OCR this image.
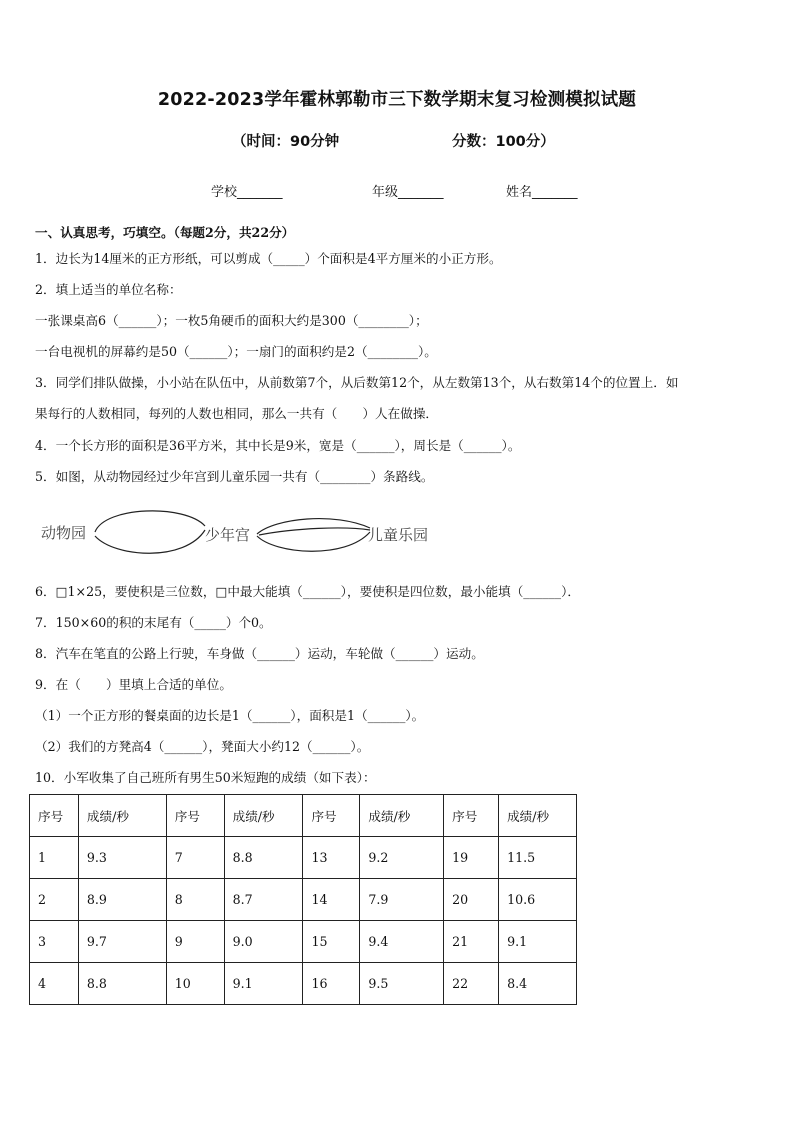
2022-2023学年霍林郭勒市三下数学期末复习检测模拟试题
（时间：90分钟	分数：100分）
学校_______	年级_______	姓名_______
一、认真思考，巧填空。（每题2分，共22分）
1．边长为14厘米的正方形纸，可以剪成（_____）个面积是4平方厘米的小正方形。
2．填上适当的单位名称：
一张课桌高6（______）；一枚5角硬币的面积大约是300（________）；
一台电视机的屏幕约是50（______）；一扇门的面积约是2（________）。
3．同学们排队做操，小小站在队伍中，从前数第7个，从后数第12个，从左数第13个，从右数第14个的位置上．如
果每行的人数相同，每列的人数也相同，那么一共有（　　）人在做操．
4．一个长方形的面积是36平方米，其中长是9米，宽是（______），周长是（______）。
5．如图，从动物园经过少年宫到儿童乐园一共有（________）条路线。
动物园	少年宫	儿童乐园
6．□1×25，要使积是三位数，□中最大能填（______），要使积是四位数，最小能填（______）．
7．150×60的积的末尾有（_____）个0。
8．汽车在笔直的公路上行驶，车身做（______）运动，车轮做（______）运动。
9．在（　　）里填上合适的单位。
（1）一个正方形的餐桌面的边长是1（______），面积是1（______）。
（2）我们的方凳高4（______），凳面大小约12（______）。
10．小军收集了自己班所有男生50米短跑的成绩（如下表）：
序号	成绩/秒	序号	成绩/秒	序号	成绩/秒	序号	成绩/秒
1	9.3	7	8.8	13	9.2	19	11.5
2	8.9	8	8.7	14	7.9	20	10.6
3	9.7	9	9.0	15	9.4	21	9.1
4	8.8	10	9.1	16	9.5	22	8.4
